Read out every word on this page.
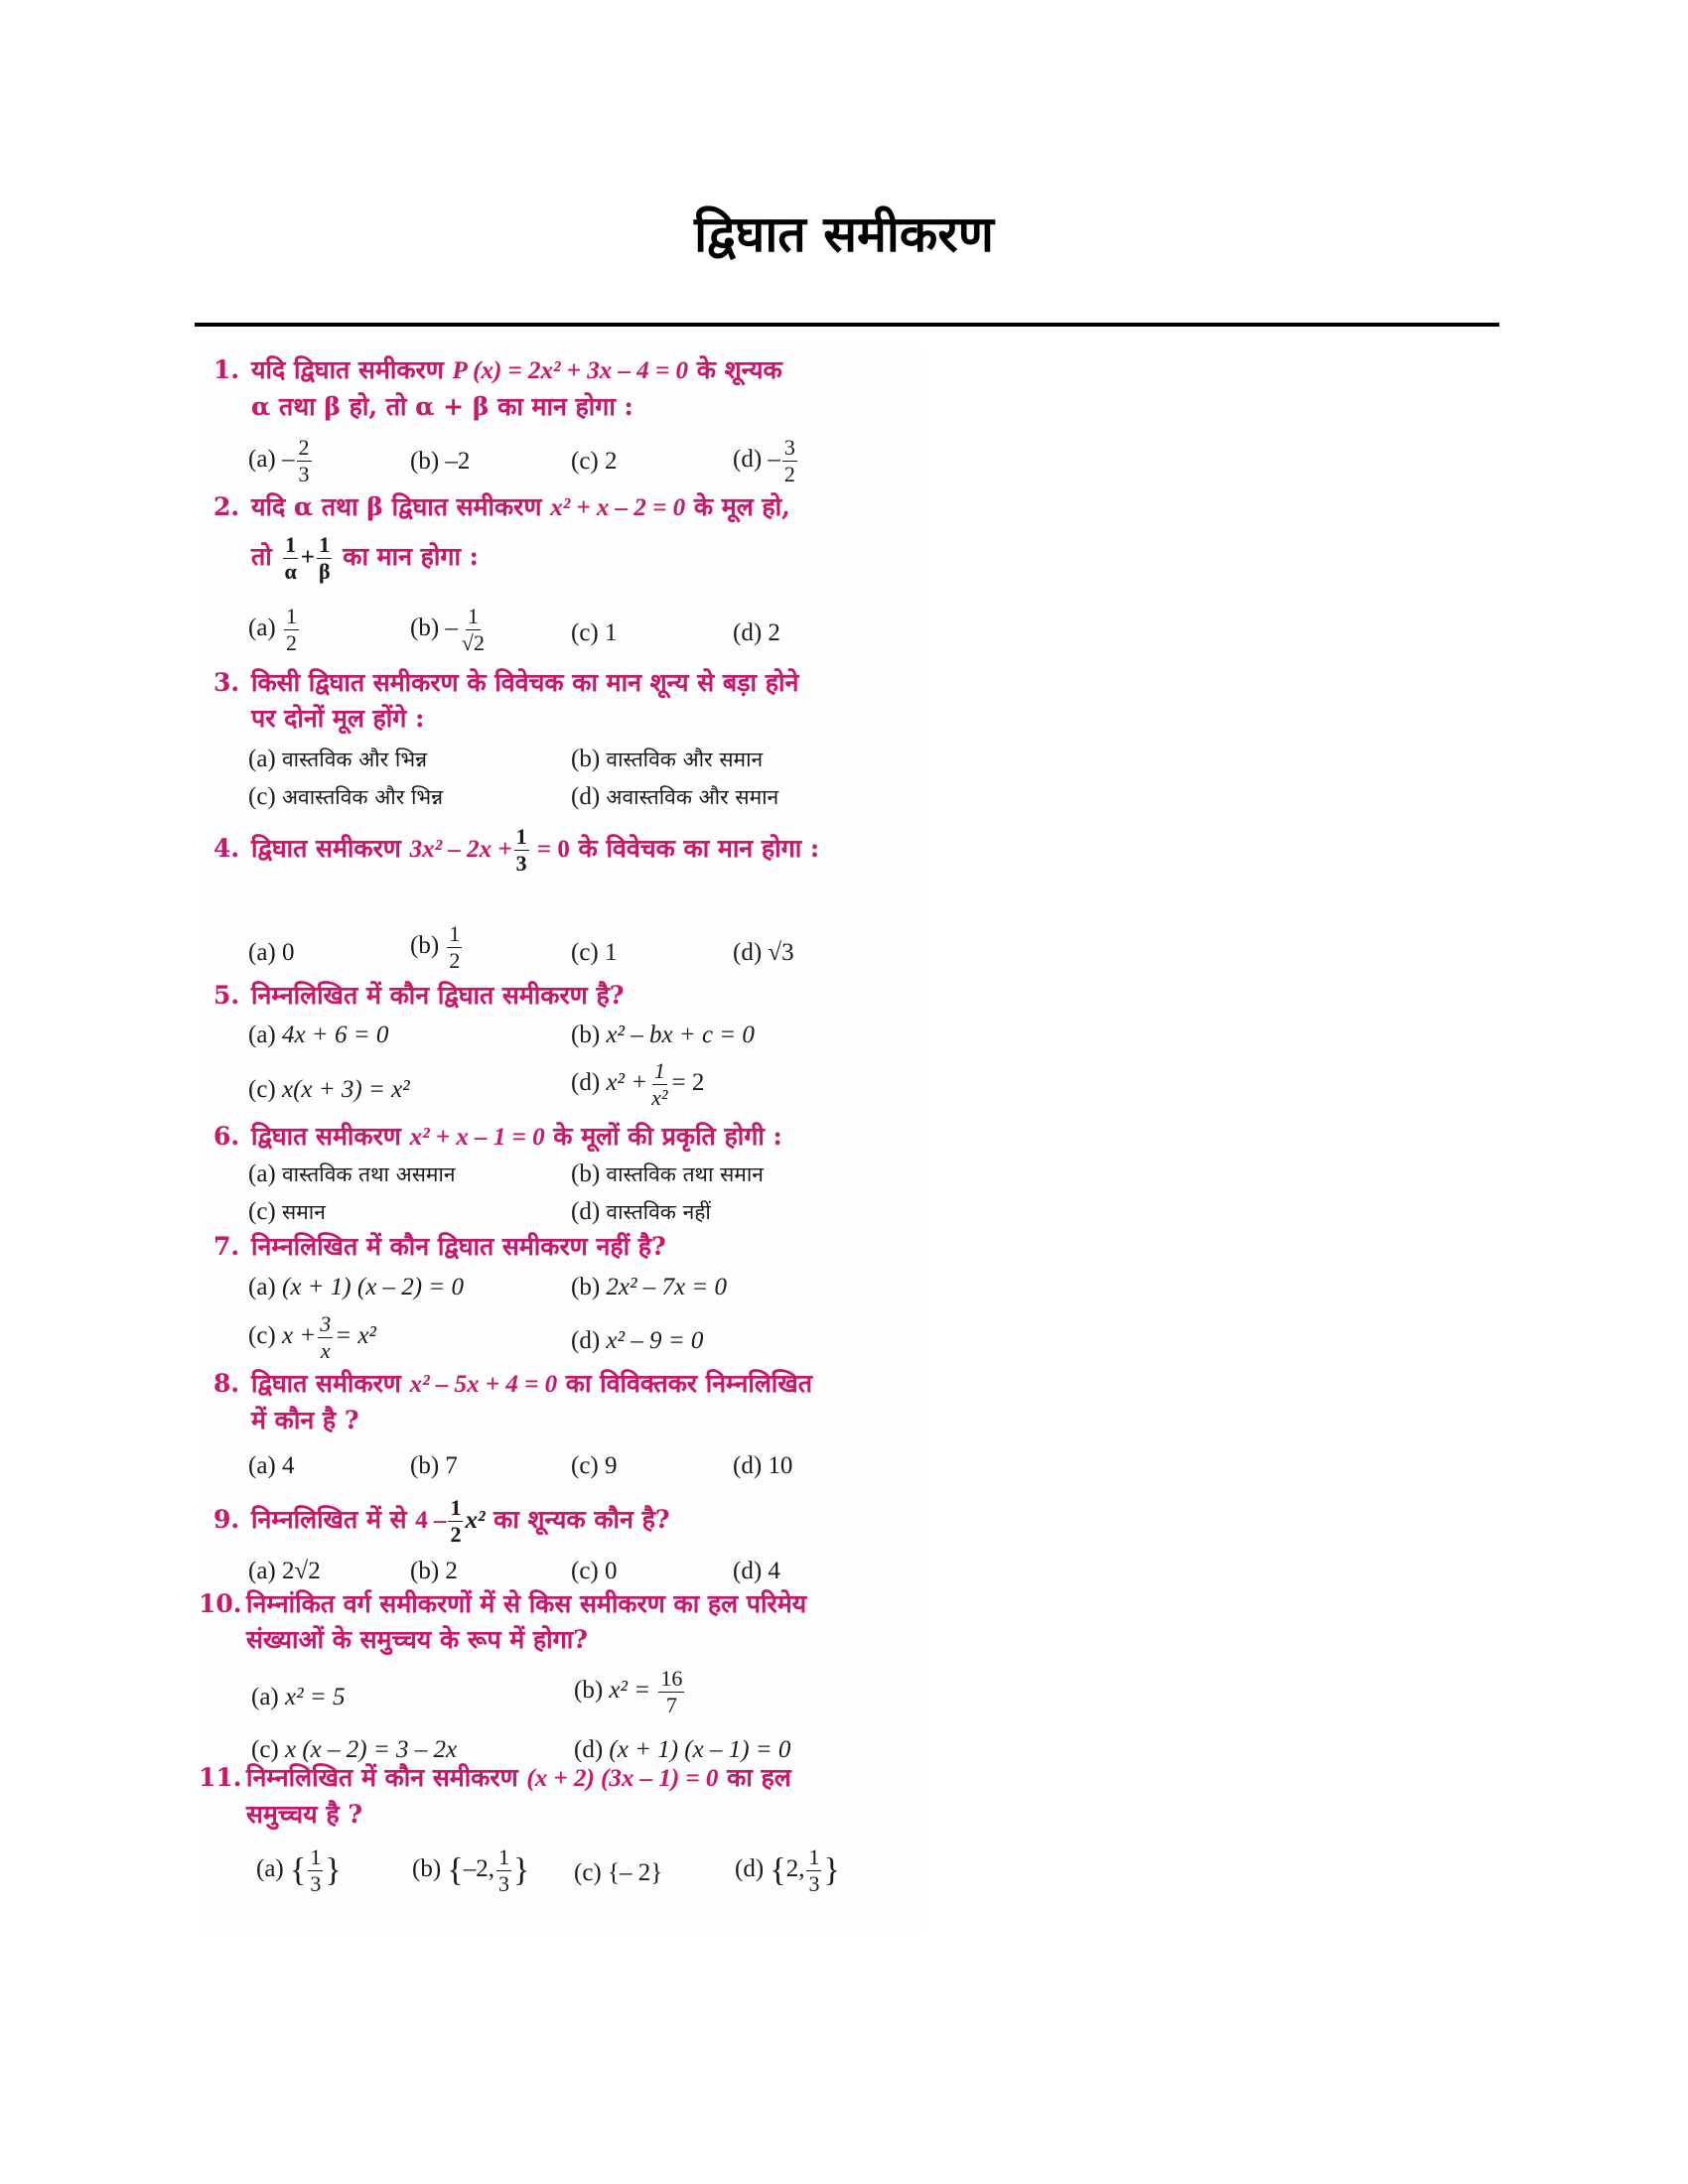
द्विघात समीकरण
1. यदि द्विघात समीकरण P (x) = 2x² + 3x – 4 = 0 के शून्यक
α तथा β हो, तो α + β का मान होगा :
$(a) - \frac{2}{3}$	(b) –2	(c) 2	$(d) - \frac{3}{2}$
2. यदि α तथा β द्विघात समीकरण x² + x – 2 = 0 के मूल हो,
तो $\frac{1}{\alpha} + \frac{1}{\beta}$ का मान होगा :
$(a) \frac{1}{2}$	$(b) - \frac{1}{√2}$	(c) 1	(d) 2
3. किसी द्विघात समीकरण के विवेचक का मान शून्य से बड़ा होने
पर दोनों मूल होंगे :
(a) वास्तविक और भिन्न	(b) वास्तविक और समान
(c) अवास्तविक और भिन्न	(d) अवास्तविक और समान
4. द्विघात समीकरण $3x^2 - 2x + \frac{1}{3} = 0$ के विवेचक का मान होगा :
(a) 0	$(b) \frac{1}{2}$	(c) 1	(d) √3
5. निम्नलिखित में कौन द्विघात समीकरण है?
(a) 4x + 6 = 0	(b) x² – bx + c = 0
(c) x(x + 3) = x²	(d) $x^2 + \frac{1}{\text{x²}} = 2$
6. द्विघात समीकरण x² + x – 1 = 0 के मूलों की प्रकृति होगी :
(a) वास्तविक तथा असमान	(b) वास्तविक तथा समान
(c) समान	(d) वास्तविक नहीं
7. निम्नलिखित में कौन द्विघात समीकरण नहीं है?
(a) (x + 1) (x – 2) = 0	(b) 2x² – 7x = 0
(c) $x + \frac{3}{x} = x^2$	(d) x² – 9 = 0
8. द्विघात समीकरण x² – 5x + 4 = 0 का विविक्तकर निम्नलिखित
में कौन है ?
(a) 4	(b) 7	(c) 9	(d) 10
9. निम्नलिखित में से $4 - \frac{1}{2} x^2$ का शून्यक कौन है?
(a) 2√2	(b) 2	(c) 0	(d) 4
10. निम्नांकित वर्ग समीकरणों में से किस समीकरण का हल परिमेय
संख्याओं के समुच्चय के रूप में होगा?
(a) x² = 5	(b) $x^2 = \frac{16}{7}$
(c) x (x – 2) = 3 – 2x	(d) (x + 1) (x – 1) = 0
11. निम्नलिखित में कौन समीकरण (x + 2) (3x – 1) = 0 का हल
समुच्चय है ?
(a) { $\frac{1}{3}$ }	(b) {–2, $\frac{1}{3}$ } (c) {– 2}	(d) {2, $\frac{1}{3}$ }
